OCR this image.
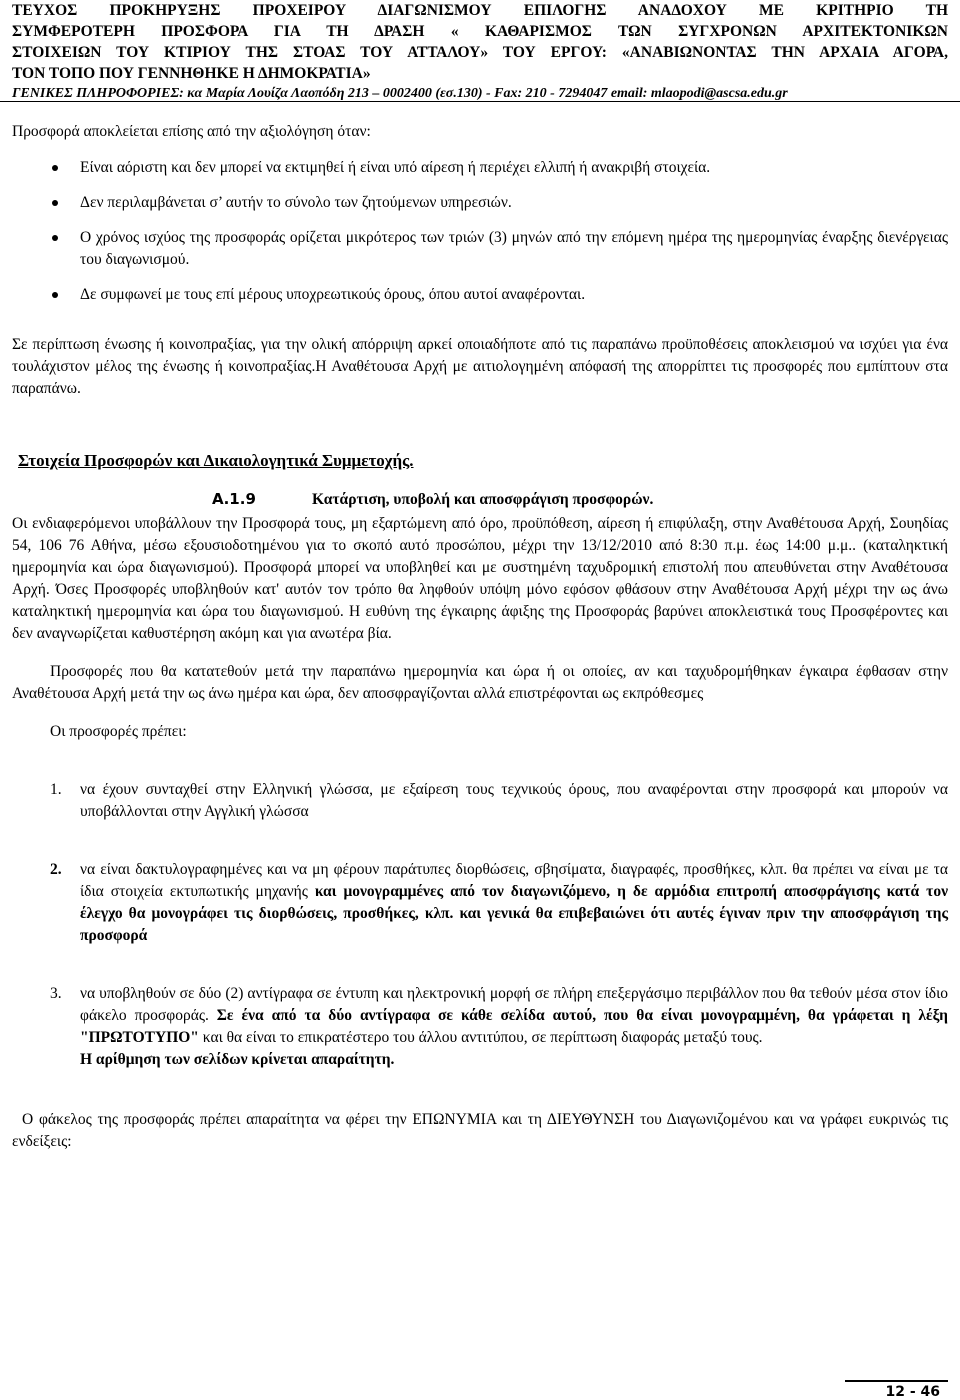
ΤΕΥΧΟΣ ΠΡΟΚΗΡΥΞΗΣ ΠΡΟΧΕΙΡΟΥ ΔΙΑΓΩΝΙΣΜΟΥ ΕΠΙΛΟΓΗΣ ΑΝΑΔΟΧΟΥ ΜΕ ΚΡΙΤΗΡΙΟ ΤΗ
ΣΥΜΦΕΡΟΤΕΡΗ ΠΡΟΣΦΟΡΑ ΓΙΑ ΤΗ ΔΡΑΣΗ « ΚΑΘΑΡΙΣΜΟΣ ΤΩΝ ΣΥΓΧΡΟΝΩΝ ΑΡΧΙΤΕΚΤΟΝΙΚΩΝ
ΣΤΟΙΧΕΙΩΝ ΤΟΥ ΚΤΙΡΙΟΥ ΤΗΣ ΣΤΟΑΣ ΤΟΥ ΑΤΤΑΛΟΥ» ΤΟΥ ΕΡΓΟΥ: «ΑΝΑΒΙΩΝΟΝΤΑΣ ΤΗΝ ΑΡΧΑΙΑ ΑΓΟΡΑ,
ΤΟΝ ΤΟΠΟ ΠΟΥ ΓΕΝΝΗΘΗΚΕ Η ΔΗΜΟΚΡΑΤΙΑ»
ΓΕΝΙΚΕΣ ΠΛΗΡΟΦΟΡΙΕΣ: κα Μαρία Λουίζα Λαοπόδη 213 – 0002400 (εσ.130) - Fax: 210 - 7294047 email: mlaopodi@ascsa.edu.gr

Προσφορά αποκλείεται επίσης από την αξιολόγηση όταν:

Είναι αόριστη και δεν μπορεί να εκτιμηθεί ή είναι υπό αίρεση ή περιέχει ελλιπή ή ανακριβή στοιχεία.
Δεν περιλαμβάνεται σ’ αυτήν το σύνολο των ζητούμενων υπηρεσιών.
Ο χρόνος ισχύος της προσφοράς ορίζεται μικρότερος των τριών (3) μηνών από την επόμενη ημέρα της ημερομηνίας έναρξης διενέργειας του διαγωνισμού.
Δε συμφωνεί με τους επί μέρους υποχρεωτικούς όρους, όπου αυτοί αναφέρονται.

Σε περίπτωση ένωσης ή κοινοπραξίας, για την ολική απόρριψη αρκεί οποιαδήποτε από τις παραπάνω προϋποθέσεις αποκλεισμού να ισχύει για ένα τουλάχιστον μέλος της ένωσης ή κοινοπραξίας.Η Αναθέτουσα Αρχή με αιτιολογημένη απόφασή της απορρίπτει τις προσφορές που εμπίπτουν στα παραπάνω.

Στοιχεία Προσφορών και Δικαιολογητικά Συμμετοχής.
Α.1.9	Κατάρτιση, υποβολή και αποσφράγιση προσφορών.

Οι ενδιαφερόμενοι υποβάλλουν την Προσφορά τους, μη εξαρτώμενη από όρο, προϋπόθεση, αίρεση ή επιφύλαξη, στην Αναθέτουσα Αρχή, Σουηδίας 54, 106 76 Αθήνα, μέσω εξουσιοδοτημένου για το σκοπό αυτό προσώπου, μέχρι την 13/12/2010 από 8:30 π.μ. έως 14:00 μ.μ.. (καταληκτική ημερομηνία και ώρα διαγωνισμού). Προσφορά μπορεί να υποβληθεί και με συστημένη ταχυδρομική επιστολή που απευθύνεται στην Αναθέτουσα Αρχή. Όσες Προσφορές υποβληθούν κατ' αυτόν τον τρόπο θα ληφθούν υπόψη μόνο εφόσον φθάσουν στην Αναθέτουσα Αρχή μέχρι την ως άνω καταληκτική ημερομηνία και ώρα του διαγωνισμού. Η ευθύνη της έγκαιρης άφιξης της Προσφοράς βαρύνει αποκλειστικά τους Προσφέροντες και δεν αναγνωρίζεται καθυστέρηση ακόμη και για ανωτέρα βία.

Προσφορές που θα κατατεθούν μετά την παραπάνω ημερομηνία και ώρα ή οι οποίες, αν και ταχυδρομήθηκαν έγκαιρα έφθασαν στην Αναθέτουσα Αρχή μετά την ως άνω ημέρα και ώρα, δεν αποσφραγίζονται αλλά επιστρέφονται ως εκπρόθεσμες

Οι προσφορές πρέπει:

1. να έχουν συνταχθεί στην Ελληνική γλώσσα, με εξαίρεση τους τεχνικούς όρους, που αναφέρονται στην προσφορά και μπορούν να υποβάλλονται στην Αγγλική γλώσσα
2. να είναι δακτυλογραφημένες και να μη φέρουν παράτυπες διορθώσεις, σβησίματα, διαγραφές, προσθήκες, κλπ. θα πρέπει να είναι με τα ίδια στοιχεία εκτυπωτικής μηχανής και μονογραμμένες από τον διαγωνιζόμενο, η δε αρμόδια επιτροπή αποσφράγισης κατά τον έλεγχο θα μονογράφει τις διορθώσεις, προσθήκες, κλπ. και γενικά θα επιβεβαιώνει ότι αυτές έγιναν πριν την αποσφράγιση της προσφορά
3. να υποβληθούν σε δύο (2) αντίγραφα σε έντυπη και ηλεκτρονική μορφή σε πλήρη επεξεργάσιμο περιβάλλον που θα τεθούν μέσα στον ίδιο φάκελο προσφοράς. Σε ένα από τα δύο αντίγραφα σε κάθε σελίδα αυτού, που θα είναι μονογραμμένη, θα γράφεται η λέξη "ΠΡΩΤΟΤΥΠΟ" και θα είναι το επικρατέστερο του άλλου αντιτύπου, σε περίπτωση διαφοράς μεταξύ τους.
Η αρίθμηση των σελίδων κρίνεται απαραίτητη.

Ο φάκελος της προσφοράς πρέπει απαραίτητα να φέρει την ΕΠΩΝΥΜΙΑ και τη ΔΙΕΥΘΥΝΣΗ του Διαγωνιζομένου και να γράφει ευκρινώς τις ενδείξεις:

12 - 46
